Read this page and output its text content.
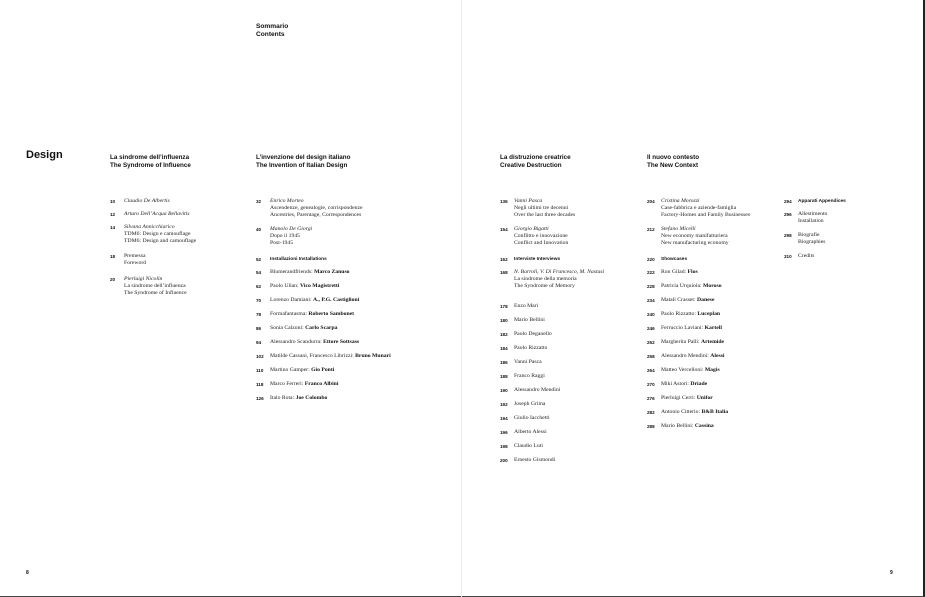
Sommario
Contents
Design	La sindrome dell’influenza
The Syndrome of Influence
L’invenzione del design italiano
The Invention of Italian Design
La distruzione creatrice
Creative Destruction
Il nuovo contesto
The New Context
10	Claudio De Albertis
12	Arturo Dell’Acqua Bellavitis
14	Silvana Annicchiarico
TDM6: Design e camouflage
TDM6: Design and camouflage
18	Premessa
Foreword
20	Pierluigi Nicolin
La sindrome dell’influenza
The Syndrome of Influence
32	Enrico Morteo
Ascendenze, genealogie, corrispondenze
Ancestries, Parentage, Correspondences
40	Manolo De Giorgi
Dopo il 1945
Post-1945
52	Installazioni Installations
54	Blumerandfriends: Marco Zanuso
62	Paolo Ulian: Vico Magistretti
70	Lorenzo Damiani: A., P.G. Castiglioni
78	Formafantasma: Roberto Sambonet
86	Sonia Calzoni: Carlo Scarpa
94	Alessandro Scandurra: Ettore Sottsass
102	Matilde Cassani, Francesco Librizzi: Bruno Munari
110	Martino Gamper: Gio Ponti
118	Marco Ferreri: Franco Albini
126	Italo Rota: Joe Colombo
136	Vanni Pasca
Negli ultimi tre decenni
Over the last three decades
154	Giorgio Bigatti
Conflitto e innovazione
Conflict and Innovation
162	Interviste Interviews
168	N. Barrolì, V. Di Francesco, M. Nastasi
La sindrome della memoria
The Syndrome of Memory
178	Enzo Mari
180	Mario Bellini
182	Paolo Deganello
184	Paolo Rizzatto
186	Vanni Pasca
188	Franco Raggi
190	Alessandro Mendini
192	Joseph Grima
194	Giulio Iacchetti
196	Alberto Alessi
198	Claudio Luti
200	Ernesto Gismondi
204	Cristina Morozzi
Case-fabbrica e aziende-famiglia
Factory-Homes and Family Businesses
212	Stefano Micelli
New economy manifatturiera
New manufacturing economy
220	Showcases
222	Ron Gilad: Flos
228	Patricia Urquiola: Moroso
234	Matali Crasset: Danese
240	Paolo Rizzatto: Luceplan
246	Ferruccio Laviani: Kartell
252	Margherita Palli: Artemide
258	Alessandro Mendini: Alessi
264	Matteo Vercelloni: Magis
270	Miki Astori: Driade
276	Pierluigi Cerri: Unifor
282	Antonio Citterio: B&B Italia
288	Mario Bellini: Cassina
294	Apparati Appendices
296	Allestimento
Installation
298	Biografie
Biographies
310	Credits
8	9
